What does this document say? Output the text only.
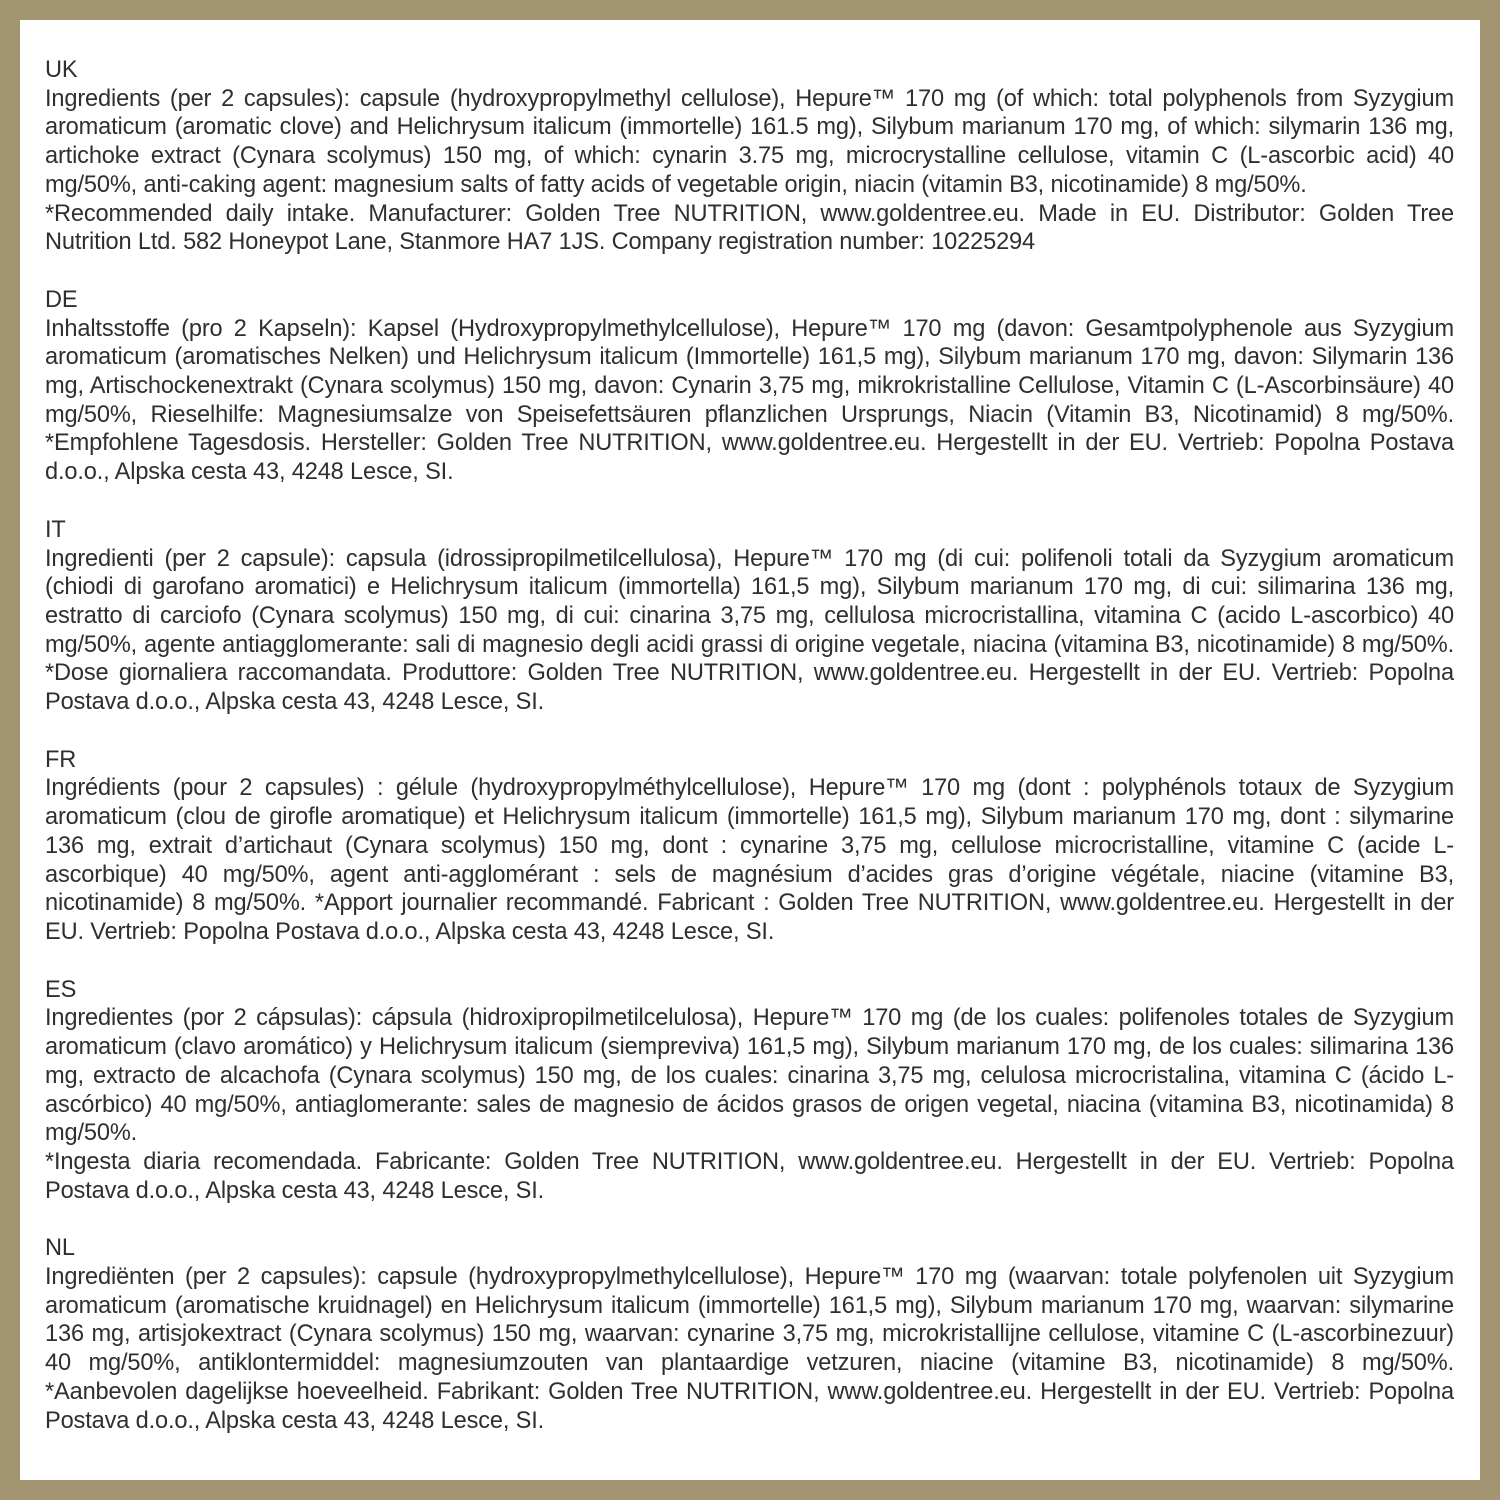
UK
Ingredients (per 2 capsules): capsule (hydroxypropylmethyl cellulose), Hepure™ 170 mg (of which: total polyphenols from Syzygium aromaticum (aromatic clove) and Helichrysum italicum (immortelle) 161.5 mg), Silybum marianum 170 mg, of which: silymarin 136 mg, artichoke extract (Cynara scolymus) 150 mg, of which: cynarin 3.75 mg, microcrystalline cellulose, vitamin C (L-ascorbic acid) 40 mg/50%, anti-caking agent: magnesium salts of fatty acids of vegetable origin, niacin (vitamin B3, nicotinamide) 8 mg/50%.
*Recommended daily intake. Manufacturer: Golden Tree NUTRITION, www.goldentree.eu. Made in EU. Distributor: Golden Tree Nutrition Ltd. 582 Honeypot Lane, Stanmore HA7 1JS. Company registration number: 10225294
DE
Inhaltsstoffe (pro 2 Kapseln): Kapsel (Hydroxypropylmethylcellulose), Hepure™ 170 mg (davon: Gesamtpolyphenole aus Syzygium aromaticum (aromatisches Nelken) und Helichrysum italicum (Immortelle) 161,5 mg), Silybum marianum 170 mg, davon: Silymarin 136 mg, Artischockenextrakt (Cynara scolymus) 150 mg, davon: Cynarin 3,75 mg, mikrokristalline Cellulose, Vitamin C (L-Ascorbinsäure) 40 mg/50%, Rieselhilfe: Magnesiumsalze von Speisefettsäuren pflanzlichen Ursprungs, Niacin (Vitamin B3, Nicotinamid) 8 mg/50%. *Empfohlene Tagesdosis. Hersteller: Golden Tree NUTRITION, www.goldentree.eu. Hergestellt in der EU. Vertrieb: Popolna Postava d.o.o., Alpska cesta 43, 4248 Lesce, SI.
IT
Ingredienti (per 2 capsule): capsula (idrossipropilmetilcellulosa), Hepure™ 170 mg (di cui: polifenoli totali da Syzygium aromaticum (chiodi di garofano aromatici) e Helichrysum italicum (immortella) 161,5 mg), Silybum marianum 170 mg, di cui: silimarina 136 mg, estratto di carciofo (Cynara scolymus) 150 mg, di cui: cinarina 3,75 mg, cellulosa microcristallina, vitamina C (acido L-ascorbico) 40 mg/50%, agente antiagglomerante: sali di magnesio degli acidi grassi di origine vegetale, niacina (vitamina B3, nicotinamide) 8 mg/50%. *Dose giornaliera raccomandata. Produttore: Golden Tree NUTRITION, www.goldentree.​eu. Hergestellt in der EU. Vertrieb: Popolna Postava d.o.o., Alpska cesta 43, 4248 Lesce, SI.
FR
Ingrédients (pour 2 capsules) : gélule (hydroxypropylméthylcellulose), Hepure™ 170 mg (dont : polyphénols totaux de Syzygium aromaticum (clou de girofle aromatique) et Helichrysum italicum (immortelle) 161,5 mg), Silybum marianum 170 mg, dont : silymarine 136 mg, extrait d’artichaut (Cynara scolymus) 150 mg, dont : cynarine 3,75 mg, cellulose microcristalline, vitamine C (acide L-ascorbique) 40 mg/50%, agent anti-agglomérant : sels de magnésium d’acides gras d’origine végétale, niacine (vitamine B3, nicotinamide) 8 mg/50%. *Apport journalier recommandé. Fabricant : Golden Tree NUTRITION, www.​goldentree.eu. Hergestellt in der EU. Vertrieb: Popolna Postava d.o.o., Alpska cesta 43, 4248 Lesce, SI.
ES
Ingredientes (por 2 cápsulas): cápsula (hidroxipropilmetilcelulosa), Hepure™ 170 mg (de los cuales: polifenoles totales de Syzygium aromaticum (clavo aromático) y Helichrysum italicum (siempreviva) 161,5 mg), Silybum marianum 170 mg, de los cuales: silimarina 136 mg, extracto de alcachofa (Cynara scolymus) 150 mg, de los cuales: cinarina 3,75 mg, celulosa microcristalina, vitamina C (ácido L-ascórbico) 40 mg/50%, antiaglomerante: sales de magnesio de ácidos grasos de origen vegetal, niacina (vitamina B3, nicotinamida) 8 mg/50%.
*Ingesta diaria recomendada. Fabricante: Golden Tree NUTRITION, www.goldentree.eu. Hergestellt in der EU. Vertrieb: Popolna Postava d.o.o., Alpska cesta 43, 4248 Lesce, SI.
NL
Ingrediënten (per 2 capsules): capsule (hydroxypropylmethylcellulose), Hepure™ 170 mg (waarvan: totale polyfenolen uit Syzygium aromaticum (aromatische kruidnagel) en Helichrysum italicum (immortelle) 161,5 mg), Silybum marianum 170 mg, waarvan: silymarine 136 mg, artisjokextract (Cynara scolymus) 150 mg, waarvan: cynarine 3,75 mg, microkristallijne cellulose, vitamine C (L-ascorbinezuur) 40 mg/50%, antiklontermiddel: magnesiumzouten van plantaardige vetzuren, niacine (vitamine B3, nicotinamide) 8 mg/50%. *Aanbevolen dagelijkse hoeveelheid. Fabrikant: Golden Tree NUTRITION, www.goldentree.​eu. Hergestellt in der EU. Vertrieb: Popolna Postava d.o.o., Alpska cesta 43, 4248 Lesce, SI.
